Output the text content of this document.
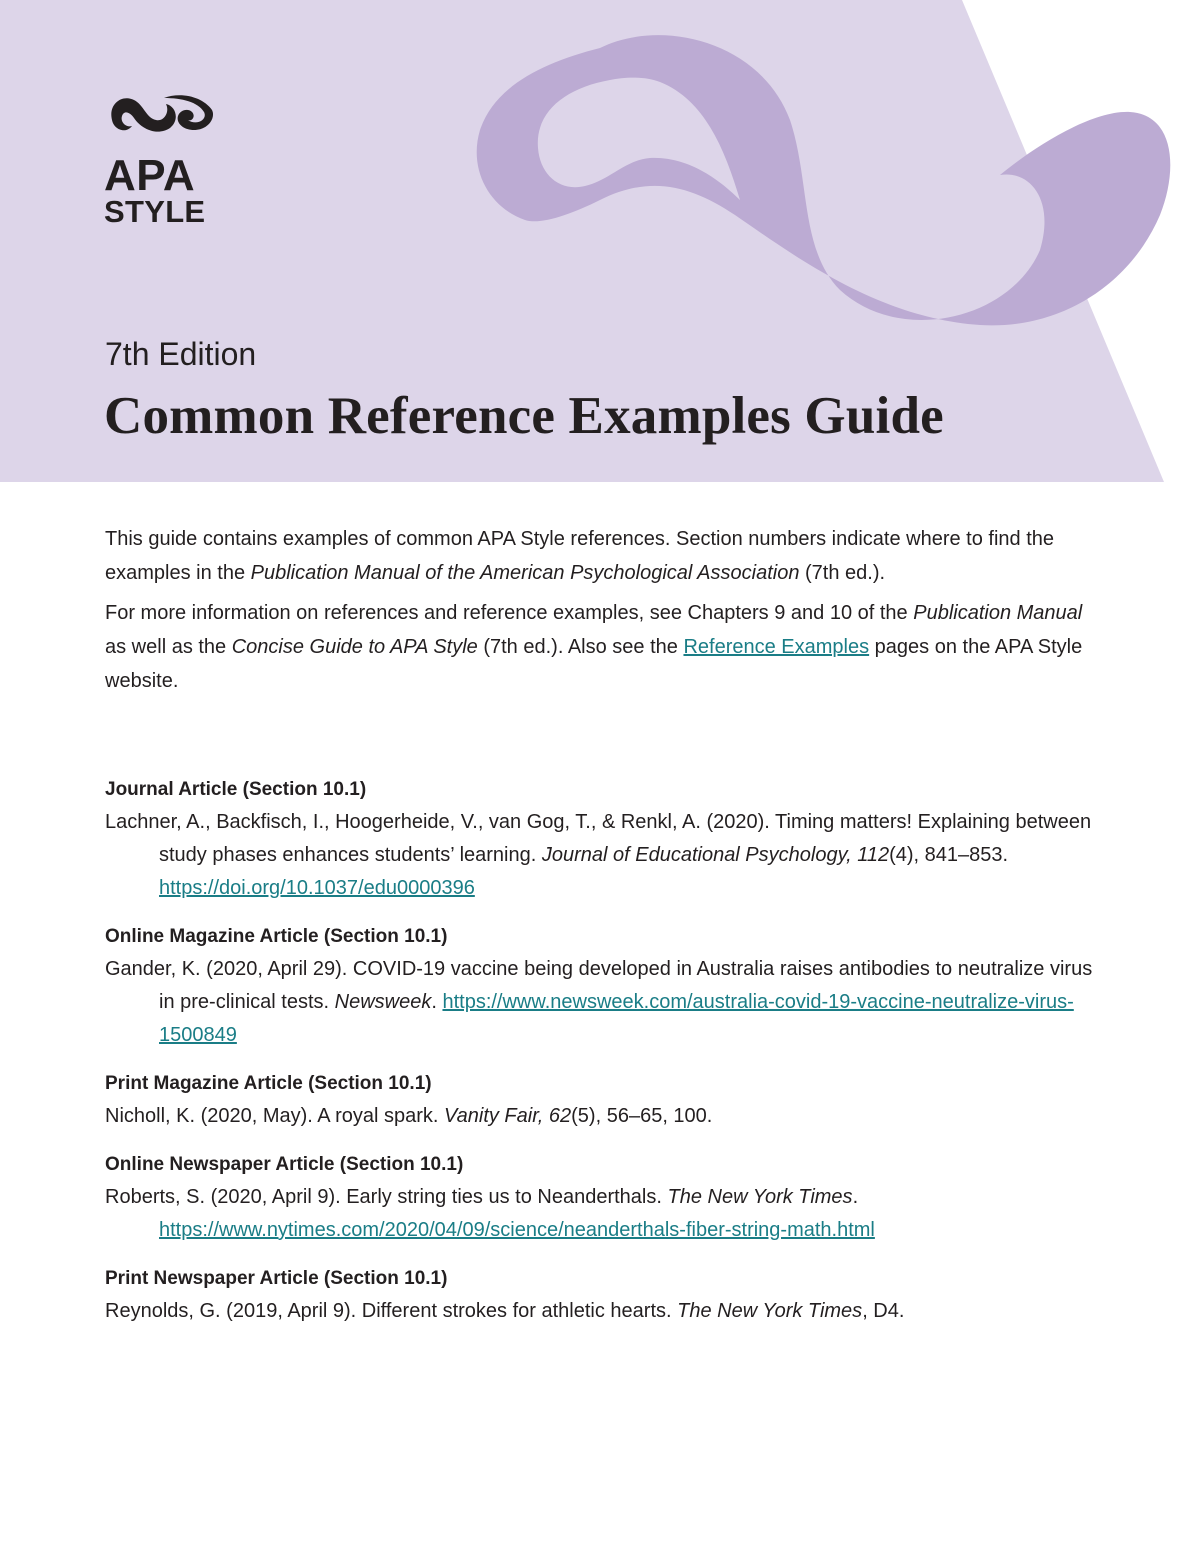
APA
STYLE
7th Edition
Common Reference Examples Guide

This guide contains examples of common APA Style references. Section numbers indicate where to find the examples in the Publication Manual of the American Psychological Association (7th ed.).

For more information on references and reference examples, see Chapters 9 and 10 of the Publication Manual as well as the Concise Guide to APA Style (7th ed.). Also see the Reference Examples pages on the APA Style website.

Journal Article (Section 10.1)

Lachner, A., Backfisch, I., Hoogerheide, V., van Gog, T., & Renkl, A. (2020). Timing matters! Explaining between study phases enhances students’ learning. Journal of Educational Psychology, 112(4), 841–853. https://doi.org/10.1037/edu0000396

Online Magazine Article (Section 10.1)

Gander, K. (2020, April 29). COVID-19 vaccine being developed in Australia raises antibodies to neutralize virus in pre-clinical tests. Newsweek. https://www.newsweek.com/australia-covid-19-vaccine-neutralize-virus-1500849

Print Magazine Article (Section 10.1)

Nicholl, K. (2020, May). A royal spark. Vanity Fair, 62(5), 56–65, 100.

Online Newspaper Article (Section 10.1)

Roberts, S. (2020, April 9). Early string ties us to Neanderthals. The New York Times. https://www.nytimes.com/2020/04/09/science/neanderthals-fiber-string-math.html

Print Newspaper Article (Section 10.1)

Reynolds, G. (2019, April 9). Different strokes for athletic hearts. The New York Times, D4.
